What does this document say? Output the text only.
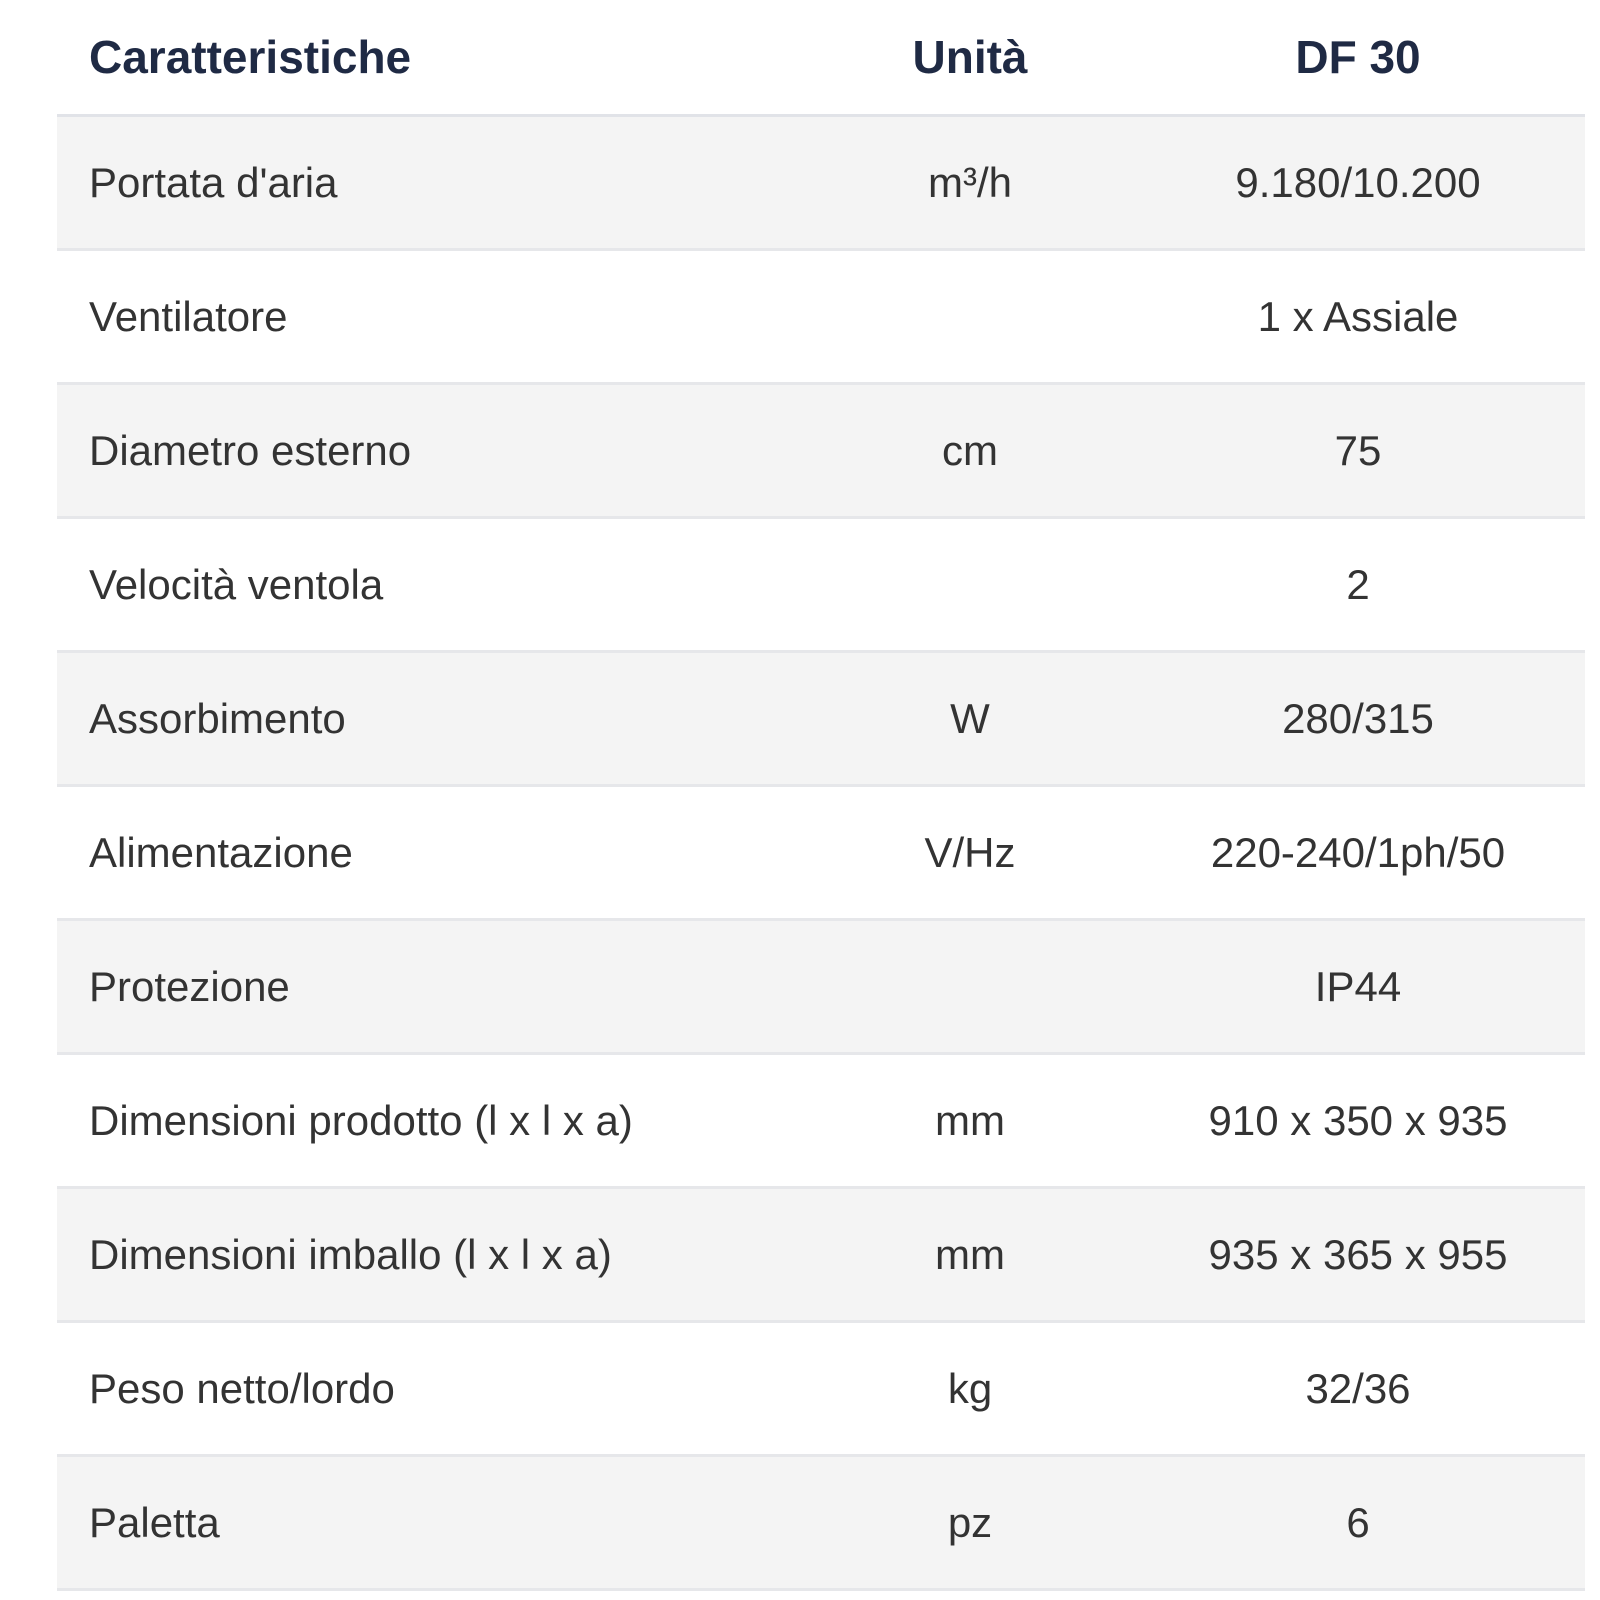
Caratteristiche	Unità	DF 30
Portata d'aria	m³/h	9.180/10.200
Ventilatore		1 x Assiale
Diametro esterno	cm	75
Velocità ventola		2
Assorbimento	W	280/315
Alimentazione	V/Hz	220-240/1ph/50
Protezione		IP44
Dimensioni prodotto (l x l x a)	mm	910 x 350 x 935
Dimensioni imballo (l x l x a)	mm	935 x 365 x 955
Peso netto/lordo	kg	32/36
Paletta	pz	6
